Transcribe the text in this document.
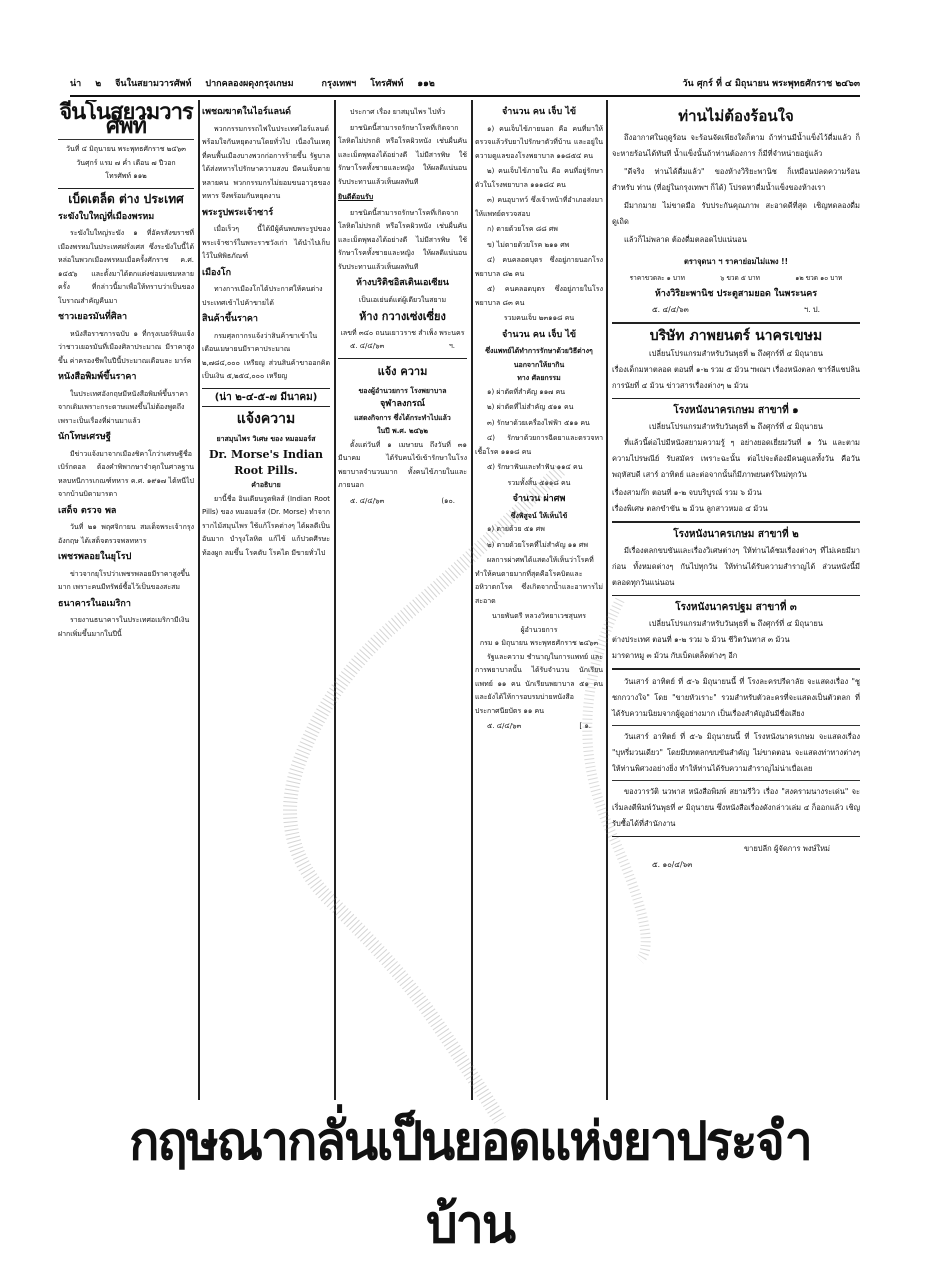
น่า ๒ จีนในสยามวารศัพท์ ปากคลองผดุงกรุงเกษม	กรุงเทพฯ โทรศัพท์ ๑๑๒	วัน ศุกร์ ที่ ๔ มิถุนายน พระพุทธศักราช ๒๔๖๓
จีนโนสยามวารศัพท์
วันที่ ๔ มิถุนายน พระพุทธศักราช ๒๔๖๓
วันศุกร์ แรม ๗ ค่ำ เดือน ๗ ปีวอก
โทรศัพท์ ๑๑๒
เบ็ดเตล็ด ต่าง ประเทศ
ระฆังใบใหญ่ที่เมืองพรหม

ระฆังใบใหญ่ระฆัง ๑ ที่อัครสังฆราชที่เมืองพรหมในประเทศฝรั่งเศส ซึ่งระฆังใบนี้ได้หล่อในพวกเมืองพรหมเมื่อครั้งศักราช ค.ศ. ๑๔๕๖ และตั้งมาได้ตกแต่งซ่อมแซมหลายครั้ง ที่กล่าวนี้มาเพื่อให้ทราบว่าเป็นของโบราณสำคัญคืนมา

ชาวเยอรมันที่ศิลา

หนังสือราชการฉบับ ๑ ที่กรุงเบอร์ลินแจ้งว่าชาวเยอรมันที่เมืองศิลาประมาณ มีราคาสูงขึ้น ค่าครองชีพในปีนี้ประมาณเดือนละ มาร์ค

หนังสือพิมพ์ขึ้นราคา

ในประเทศอังกฤษมีหนังสือพิมพ์ขึ้นราคาจากเดิมเพราะกระดาษแพงขึ้นไม่ต้องพูดถึงเพราะเป็นเรื่องที่ผ่านมาแล้ว

นักโทษเศรษฐี

มีข่าวแจ้งมาจากเมืองชิคาโกว่าเศรษฐีชื่อเบิร์กดอล ต้องคำพิพากษาจำคุกในศาลฐานหลบหนีการเกณฑ์ทหาร ค.ศ. ๑๙๑๗ ได้หนีไปจากบ้านบิดามารดา

เสด็จ ตรวจ พล

วันที่ ๒๑ พฤศจิกายน สมเด็จพระเจ้ากรุงอังกฤษ ได้เสด็จตรวจพลทหาร

เพชรพลอยในยุโรป

ข่าวจากยุโรปว่าเพชรพลอยมีราคาสูงขึ้นมาก เพราะคนมีทรัพย์ซื้อไว้เป็นของสะสม

ธนาคารในอเมริกา

รายงานธนาคารในประเทศอเมริกามีเงินฝากเพิ่มขึ้นมากในปีนี้

เพชฌฆาตในไอร์แลนด์

พวกกรรมกรรถไฟในประเทศไอร์แลนด์พร้อมใจกันหยุดงานโดยทั่วไป เนื่องในเหตุที่คนพื้นเมืองบางพวกก่อการร้ายขึ้น รัฐบาลได้ส่งทหารไปรักษาความสงบ มีคนเจ็บตายหลายคน พวกกรรมกรไม่ยอมขนอาวุธของทหาร จึงพร้อมกันหยุดงาน

พระรูปพระเจ้าซาร์

เมื่อเร็วๆ นี้ได้มีผู้ค้นพบพระรูปของพระเจ้าซาร์ในพระราชวังเก่า ได้นำไปเก็บไว้ในพิพิธภัณฑ์

เมืองโก

ทางการเมืองโกได้ประกาศให้คนต่างประเทศเข้าไปค้าขายได้

สินค้าขึ้นราคา

กรมศุลกากรแจ้งว่าสินค้าขาเข้าในเดือนเมษายนมีราคาประมาณ ๒,๗๘๔,๐๐๐ เหรียญ ส่วนสินค้าขาออกคิดเป็นเงิน ๕,๒๕๔,๐๐๐ เหรียญ

(น่า ๒-๔-๕-๗ มีนาคม)
แจ้งความ
ยาสมุนไพร วิเศษ ของ หมอมอร์ส
Dr. Morse's Indian
Root Pills.
คำอธิบาย

ยานี้ชื่อ อินเดียนรูตพิลส์ (Indian Root Pills) ของ หมอมอร์ส (Dr. Morse) ทำจากรากไม้สมุนไพร ใช้แก้โรคต่างๆ ได้ผลดีเป็นอันมาก บำรุงโลหิต แก้ไข้ แก้ปวดศีรษะ ท้องผูก ลมขึ้น โรคตับ โรคไต มีขายทั่วไป

ประกาศ เรื่อง ยาสมุนไพร ไปทั่ว

ยาชนิดนี้สามารถรักษาโรคที่เกิดจากโลหิตไม่ปรกติ หรือโรคผิวหนัง เช่นผื่นคันและเม็ดพุพองได้อย่างดี ไม่มีสารพิษ ใช้รักษาโรคทั้งชายและหญิง ให้ผลดีแน่นอน รับประทานแล้วเห็นผลทันที

ยินดีต้อนรับ

ยาชนิดนี้สามารถรักษาโรคที่เกิดจากโลหิตไม่ปรกติ หรือโรคผิวหนัง เช่นผื่นคันและเม็ดพุพองได้อย่างดี ไม่มีสารพิษ ใช้รักษาโรคทั้งชายและหญิง ให้ผลดีแน่นอน รับประทานแล้วเห็นผลทันที

ห้างบริติชอิสเตินเอเซียน
เป็นเอเย่นต์แต่ผู้เดียวในสยาม
ห้าง กวางเซ่งเซี่ยง
เลขที่ ๓๔๐ ถนนเยาวราช สำเพ็ง พระนคร
๕. ๔/๔/๖๓	ฯ.
แจ้ง ความ
ของผู้อำนวยการ โรงพยาบาล
จุฬาลงกรณ์
แสดงกิจการ ซึ่งได้กระทำไปแล้ว
ในปี พ.ศ. ๒๔๖๒

ตั้งแต่วันที่ ๑ เมษายน ถึงวันที่ ๓๑ มีนาคม ได้รับคนไข้เข้ารักษาในโรงพยาบาลจำนวนมาก ทั้งคนไข้ภายในและภายนอก

๕. ๔/๔/๖๓	(๑๐.
จำนวน คน เจ็บ ไข้

๑) คนเจ็บไข้ภายนอก คือ คนที่มาให้ตรวจแล้วรับยาไปรักษาตัวที่บ้าน และอยู่ในความดูแลของโรงพยาบาล ๑๑๘๕๔ คน

๒) คนเจ็บไข้ภายใน คือ คนที่อยู่รักษาตัวในโรงพยาบาล ๑๑๑๘๔ คน

๓) คนอุบาทว์ ซึ่งเจ้าหน้าที่อำเภอส่งมาให้แพทย์ตรวจสอบ

ก) ตายด้วยโรค ๘๘ ศพ

ข) ไม่ตายด้วยโรค ๒๑๑ ศพ

๔) คนคลอดบุตร ซึ่งอยู่ภายนอกโรงพยาบาล ๘๒ คน

๕) คนคลอดบุตร ซึ่งอยู่ภายในโรงพยาบาล ๘๓ คน

รวมคนเจ็บ ๒๓๑๑๘ คน
จำนวน คน เจ็บ ไข้
ซึ่งแพทย์ได้ทำการรักษาด้วยวิธีต่างๆ นอกจากให้ยากิน
ทาง ศัลยกรรม

๑) ผ่าตัดที่สำคัญ ๑๑๗ คน

๒) ผ่าตัดที่ไม่สำคัญ ๕๑๑ คน

๓) รักษาด้วยเครื่องไฟฟ้า ๕๑๑ คน

๔) รักษาด้วยการฉีดยาและตรวจหาเชื้อโรค ๑๑๑๘ คน

๕) รักษาฟันและทำฟัน ๑๑๔ คน

รวมทั้งสิ้น ๕๑๑๘ คน
จำนวน ผ่าศพ
ซึ่งพิสูจน์ ให้เห็นไข้

๑) ตายด้วย ๕๑ ศพ

๒) ตายด้วยโรคที่ไม่สำคัญ ๑๑ ศพ

ผลการผ่าศพได้แสดงให้เห็นว่าโรคที่ทำให้คนตายมากที่สุดคือโรคบิดและอหิวาตกโรค ซึ่งเกิดจากน้ำและอาหารไม่สะอาด

นายพันตรี หลวงวิทยาเวชสุนทร
ผู้อำนวยการ
กรม ๑ มิถุนายน พระพุทธศักราช ๒๔๖๓

รัฐและความ ชำนาญในการแพทย์ และการพยาบาลนั้น ได้รับจำนวน นักเรียนแพทย์ ๑๑ คน นักเรียนพยาบาล ๕๑ คน และยังได้ให้การอบรมบ่ายหนังสือ ประกาศนียบัตร ๑๑ คน

๕. ๔/๔/๖๓	[ ๑.
ท่านไม่ต้องร้อนใจ

ถึงอากาศในฤดูร้อน จะร้อนจัดเพียงใดก็ตาม ถ้าท่านมีน้ำแข็งไว้ดื่มแล้ว ก็จะหายร้อนได้ทันที น้ำแข็งนั้นถ้าท่านต้องการ ก็มีที่จำหน่ายอยู่แล้ว

"ดีจริง ท่านได้ดื่มแล้ว" ของห้างวิริยะพานิช ก็เหมือนปลดความร้อน สำหรับ ท่าน (ที่อยู่ในกรุงเทพฯ ก็ได้) โปรดหาดื่มน้ำแข็งของห้างเรา

มีมากมาย ไม่ขาดมือ รับประกันคุณภาพ สะอาดดีที่สุด เชิญทดลองดื่มดูเถิด

แล้วก็ไม่พลาด ต้องดื่มตลอดไปแน่นอน

ตราจุดนา ฯ ราคาย่อมไม่แพง !!
ราคาขวดละ ๑ บาท	๖ ขวด ๕ บาท	๑๒ ขวด ๑๐ บาท
ห้างวิริยะพานิช ประตูสามยอด ในพระนคร
๕. ๔/๔/๖๓	ฯ. ป.
บริษัท ภาพยนตร์ นาครเขษม
เปลี่ยนโปรแกรมสำหรับวันพุธที่ ๒ ถึงศุกร์ที่ ๔ มิถุนายน
เรื่องเด็กมหาตลอด ตอนที่ ๑-๒ รวม ๕ ม้วน ฯพณฯ เรื่องหนังตลก ชาร์ลีแชปลิน
การนัยที่ ๔ ม้วน ข่าวสารเรื่องต่างๆ ๒ ม้วน
โรงหนังนาครเกษม สาขาที่ ๑
เปลี่ยนโปรแกรมสำหรับวันพุธที่ ๒ ถึงศุกร์ที่ ๔ มิถุนายน

ที่แล้วนี้ต่อไปมีหนังสยามความรู้ ๆ อย่างยอดเยี่ยมวันที่ ๑ วัน และตามความไปรษณีย์ รับสมัคร เพราะฉะนั้น ต่อไปจะต้องมีคนดูแลทั้งวัน คือวันพฤหัสบดี เสาร์ อาทิตย์ และต่อจากนั้นก็มีภาพยนตร์ใหม่ทุกวัน

เรื่องสามก๊ก ตอนที่ ๑-๒ จบบริบูรณ์ รวม ๖ ม้วน
เรื่องพิเศษ ตลกขำขัน ๒ ม้วน ลูกสาวหมอ ๔ ม้วน
โรงหนังนาครเกษม สาขาที่ ๒

มีเรื่องตลกขบขันและเรื่องวิเศษต่างๆ ให้ท่านได้ชมเรื่องต่างๆ ที่ไม่เคยมีมาก่อน ทั้งหมดต่างๆ กันไปทุกวัน ให้ท่านได้รับความสำราญได้ ส่วนหนังนี้มีตลอดทุกวันแน่นอน

โรงหนังนาครปฐม สาขาที่ ๓
เปลี่ยนโปรแกรมสำหรับวันพุธที่ ๒ ถึงศุกร์ที่ ๔ มิถุนายน
ต่างประเทศ ตอนที่ ๑-๒ รวม ๖ ม้วน ชีวิตวันทาส ๓ ม้วน
มารดาหมู ๓ ม้วน กับเบ็ดเตล็ดต่างๆ อีก

วันเสาร์ อาทิตย์ ที่ ๕-๖ มิถุนายนนี้ ที่ โรงละครปรีดาลัย จะแสดงเรื่อง "ชูชกกวางใจ" โดย "ขายหัวเราะ" รวมสำหรับตัวละครที่จะแสดงเป็นตัวตลก ที่ได้รับความนิยมจากผู้ดูอย่างมาก เป็นเรื่องสำคัญอันมีชื่อเสียง

วันเสาร์ อาทิตย์ ที่ ๕-๖ มิถุนายนนี้ ที่ โรงหนังนาครเกษม จะแสดงเรื่อง "บุหรี่มวนเดียว" โดยมีบทตลกขบขันสำคัญ ไม่ขาดตอน จะแสดงท่าทางต่างๆ ให้ท่านพิศวงอย่างยิ่ง ทำให้ท่านได้รับความสำราญไม่น่าเบื่อเลย

ของวารวัติ นวพาส หนังสือพิมพ์ สยามรีวิว เรื่อง "สงครามนางระเด่น" จะเริ่มลงตีพิมพ์วันพุธที่ ๙ มิถุนายน ซึ่งหนังสือเรื่องดังกล่าวเล่ม ๔ ก็ออกแล้ว เชิญรับซื้อได้ที่สำนักงาน

ขายปลีก ผู้จัดการ พงษ์ใหม่
๕. ๑๐/๔/๖๓
กฤษณากลั่นเป็นยอดแห่งยาประจำบ้าน
